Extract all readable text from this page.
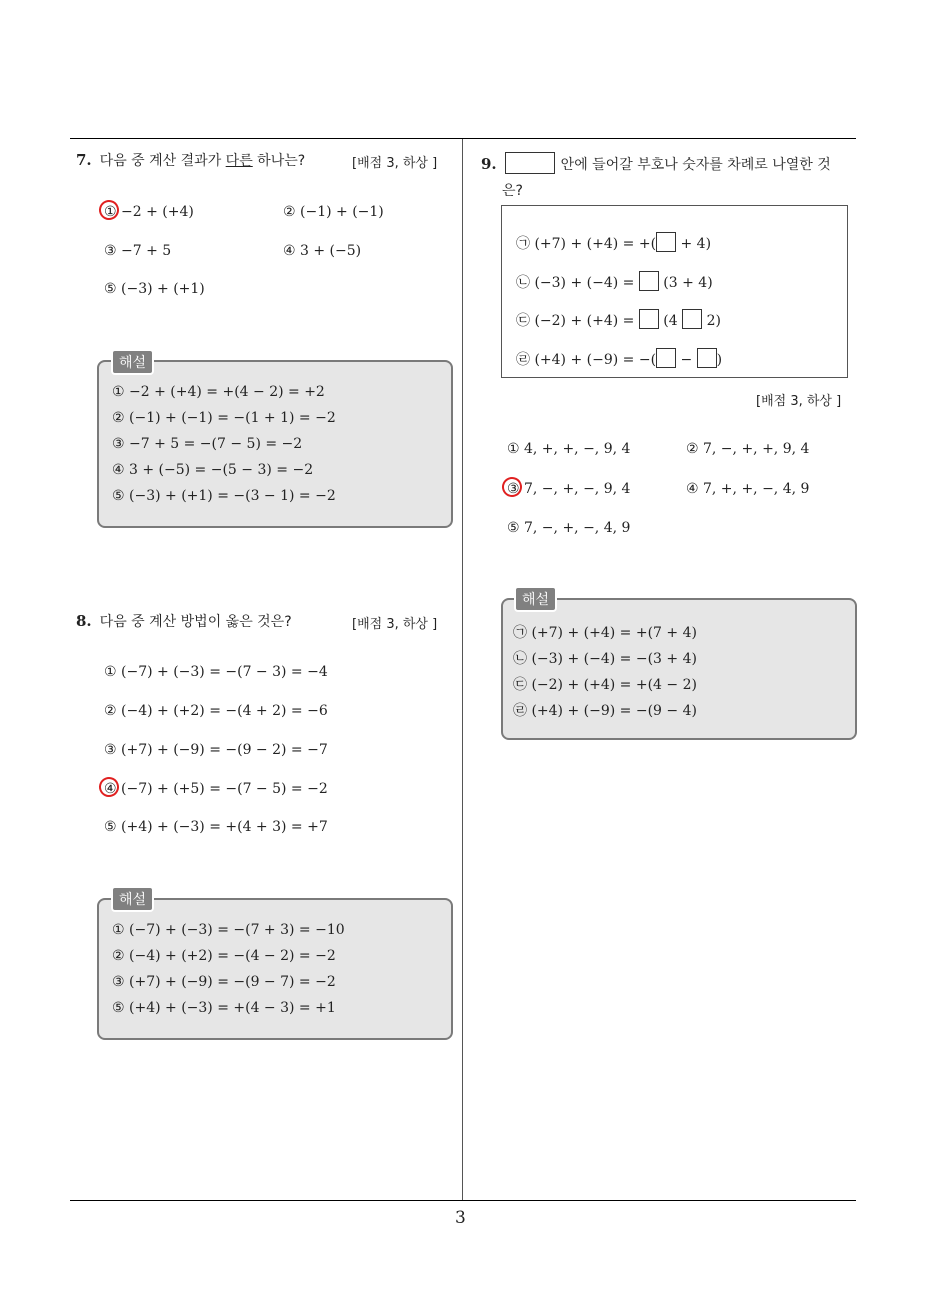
3
7. 다음 중 계산 결과가 다른 하나는?	[배점 3, 하상 ]
① −2 + (+4)	② (−1) + (−1)
③ −7 + 5	④ 3 + (−5)
⑤ (−3) + (+1)
① −2 + (+4) = +(4 − 2) = +2
② (−1) + (−1) = −(1 + 1) = −2
③ −7 + 5 = −(7 − 5) = −2
④ 3 + (−5) = −(5 − 3) = −2
⑤ (−3) + (+1) = −(3 − 1) = −2
해설
8. 다음 중 계산 방법이 옳은 것은?	[배점 3, 하상 ]
① (−7) + (−3) = −(7 − 3) = −4
② (−4) + (+2) = −(4 + 2) = −6
③ (+7) + (−9) = −(9 − 2) = −7
④ (−7) + (+5) = −(7 − 5) = −2
⑤ (+4) + (−3) = +(4 + 3) = +7
① (−7) + (−3) = −(7 + 3) = −10
② (−4) + (+2) = −(4 − 2) = −2
③ (+7) + (−9) = −(9 − 7) = −2
⑤ (+4) + (−3) = +(4 − 3) = +1
해설
9.	안에 들어갈 부호나 숫자를 차례로 나열한 것
은?
㉠ (+7) + (+4) = +( + 4)
㉡ (−3) + (−4) =  (3 + 4)
㉢ (−2) + (+4) =  (4  2)
㉣ (+4) + (−9) = −( − )
[배점 3, 하상 ]
① 4, +, +, −, 9, 4	② 7, −, +, +, 9, 4
③ 7, −, +, −, 9, 4	④ 7, +, +, −, 4, 9
⑤ 7, −, +, −, 4, 9
㉠ (+7) + (+4) = +(7 + 4)
㉡ (−3) + (−4) = −(3 + 4)
㉢ (−2) + (+4) = +(4 − 2)
㉣ (+4) + (−9) = −(9 − 4)
해설
